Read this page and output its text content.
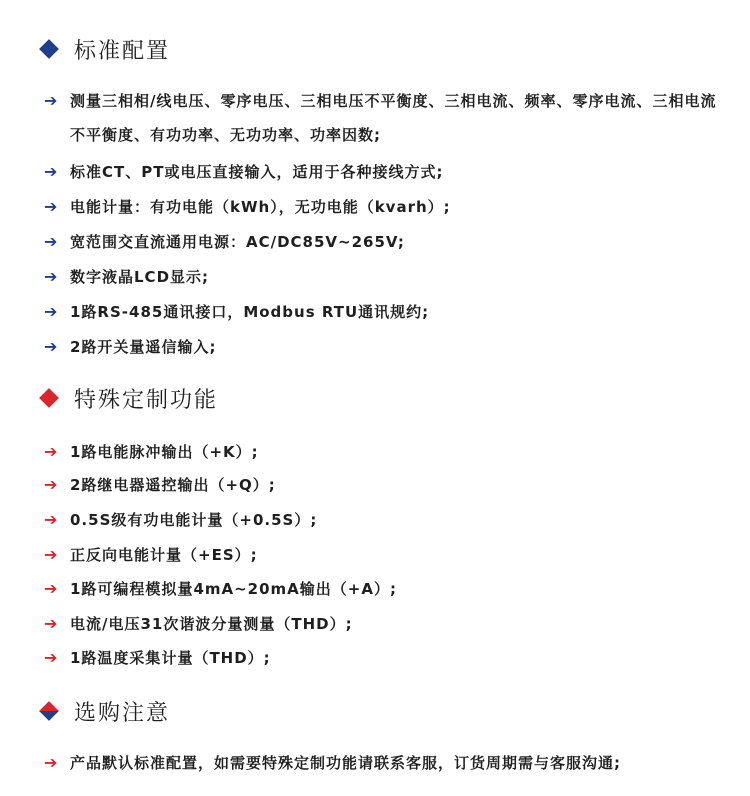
标准配置
➔ 测量三相相/线电压、零序电压、三相电压不平衡度、三相电流、频率、零序电流、三相电流不平衡度、有功功率、无功功率、功率因数;
➔ 标准CT、PT或电压直接输入，适用于各种接线方式;
➔ 电能计量：有功电能（kWh），无功电能（kvarh）;
➔ 宽范围交直流通用电源：AC/DC85V~265V;
➔ 数字液晶LCD显示;
➔ 1路RS-485通讯接口，Modbus RTU通讯规约;
➔ 2路开关量遥信输入;
特殊定制功能
➔ 1路电能脉冲输出（+K）;
➔ 2路继电器遥控输出（+Q）;
➔ 0.5S级有功电能计量（+0.5S）;
➔ 正反向电能计量（+ES）;
➔ 1路可编程模拟量4mA~20mA输出（+A）;
➔ 电流/电压31次谐波分量测量（THD）;
➔ 1路温度采集计量（THD）;
选购注意
➔ 产品默认标准配置，如需要特殊定制功能请联系客服，订货周期需与客服沟通;
